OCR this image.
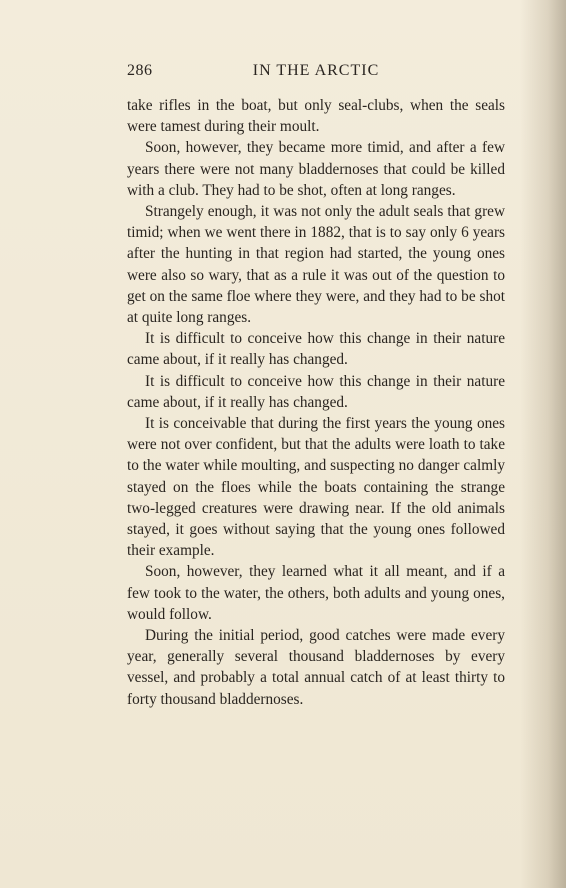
286	IN THE ARCTIC

take rifles in the boat, but only seal-clubs, when the seals were tamest during their moult.

Soon, however, they became more timid, and after a few years there were not many bladdernoses that could be killed with a club. They had to be shot, often at long ranges.

Strangely enough, it was not only the adult seals that grew timid; when we went there in 1882, that is to say only 6 years after the hunting in that region had started, the young ones were also so wary, that as a rule it was out of the question to get on the same floe where they were, and they had to be shot at quite long ranges.

It is difficult to conceive how this change in their nature came about, if it really has changed.

It is difficult to conceive how this change in their nature came about, if it really has changed.

It is conceivable that during the first years the young ones were not over confident, but that the adults were loath to take to the water while moulting, and suspecting no danger calmly stayed on the floes while the boats containing the strange two-legged creatures were drawing near. If the old animals stayed, it goes without saying that the young ones followed their example.

Soon, however, they learned what it all meant, and if a few took to the water, the others, both adults and young ones, would follow.

During the initial period, good catches were made every year, generally several thousand bladdernoses by every vessel, and probably a total annual catch of at least thirty to forty thousand bladdernoses.
